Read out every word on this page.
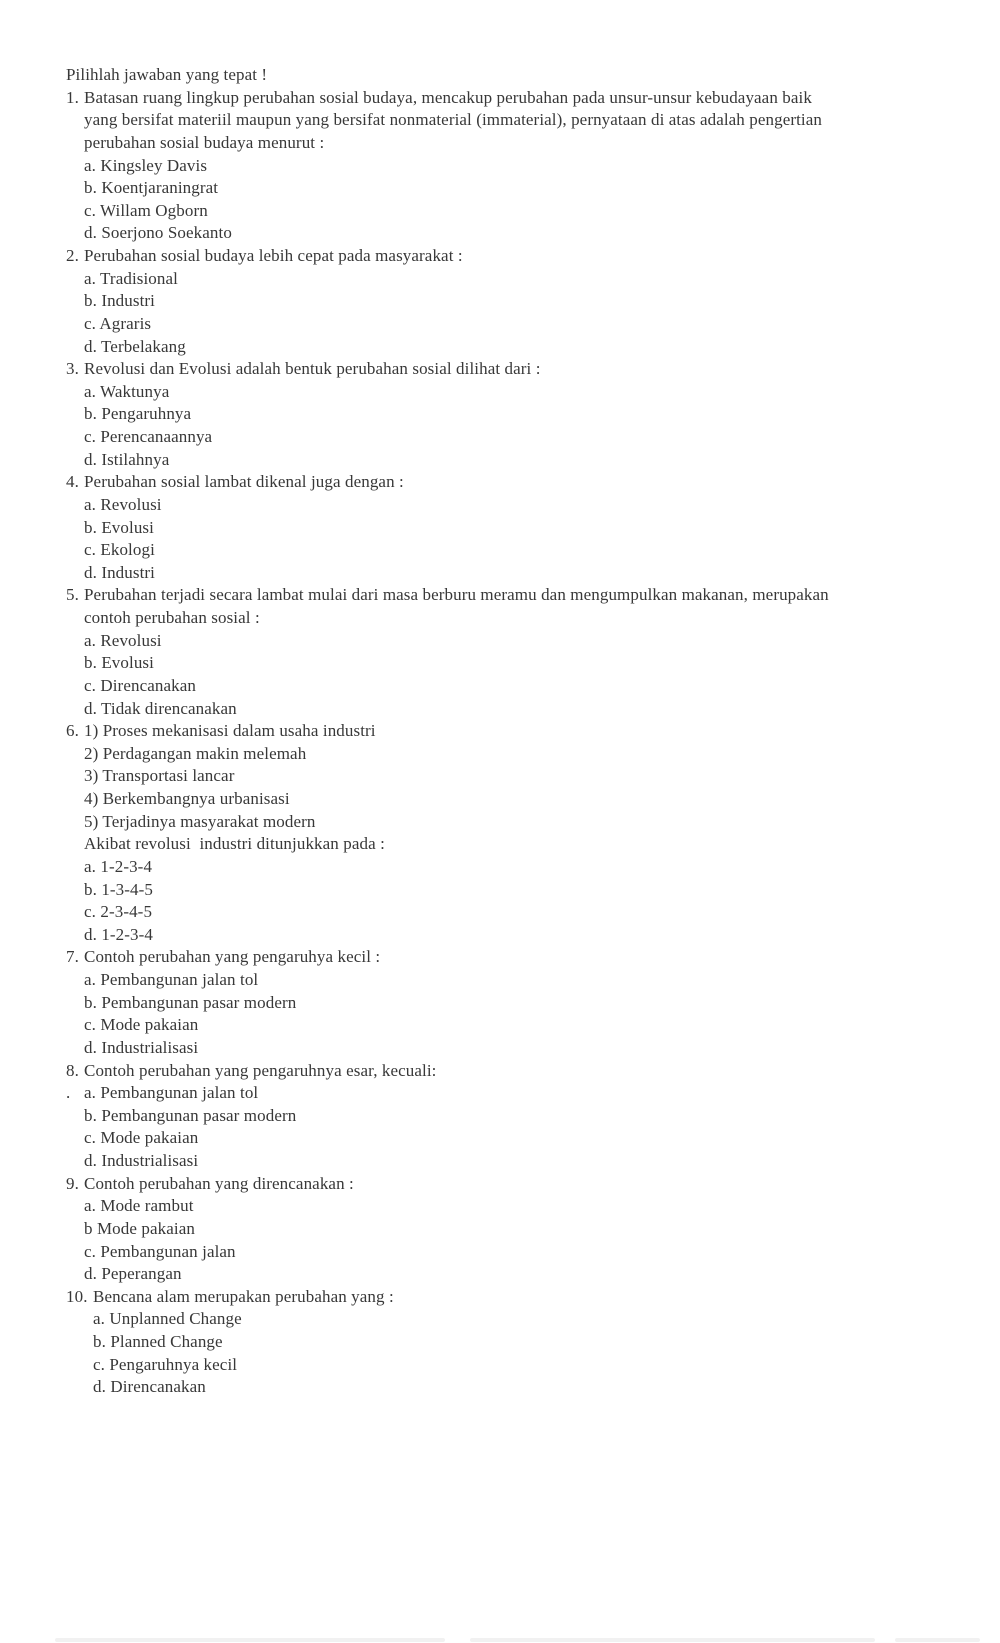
Pilihlah jawaban yang tepat !
1. Batasan ruang lingkup perubahan sosial budaya, mencakup perubahan pada unsur-unsur kebudayaan baik
yang bersifat materiil maupun yang bersifat nonmaterial (immaterial), pernyataan di atas adalah pengertian
perubahan sosial budaya menurut :
a. Kingsley Davis
b. Koentjaraningrat
c. Willam Ogborn
d. Soerjono Soekanto
2. Perubahan sosial budaya lebih cepat pada masyarakat :
a. Tradisional
b. Industri
c. Agraris
d. Terbelakang
3. Revolusi dan Evolusi adalah bentuk perubahan sosial dilihat dari :
a. Waktunya
b. Pengaruhnya
c. Perencanaannya
d. Istilahnya
4. Perubahan sosial lambat dikenal juga dengan :
a. Revolusi
b. Evolusi
c. Ekologi
d. Industri
5. Perubahan terjadi secara lambat mulai dari masa berburu meramu dan mengumpulkan makanan, merupakan
contoh perubahan sosial :
a. Revolusi
b. Evolusi
c. Direncanakan
d. Tidak direncanakan
6. 1) Proses mekanisasi dalam usaha industri
2) Perdagangan makin melemah
3) Transportasi lancar
4) Berkembangnya urbanisasi
5) Terjadinya masyarakat modern
Akibat revolusi  industri ditunjukkan pada :
a. 1-2-3-4
b. 1-3-4-5
c. 2-3-4-5
d. 1-2-3-4
7. Contoh perubahan yang pengaruhya kecil :
a. Pembangunan jalan tol
b. Pembangunan pasar modern
c. Mode pakaian
d. Industrialisasi
8. Contoh perubahan yang pengaruhnya esar, kecuali:
. a. Pembangunan jalan tol
b. Pembangunan pasar modern
c. Mode pakaian
d. Industrialisasi
9. Contoh perubahan yang direncanakan :
a. Mode rambut
b Mode pakaian
c. Pembangunan jalan
d. Peperangan
10. Bencana alam merupakan perubahan yang :
a. Unplanned Change
b. Planned Change
c. Pengaruhnya kecil
d. Direncanakan
